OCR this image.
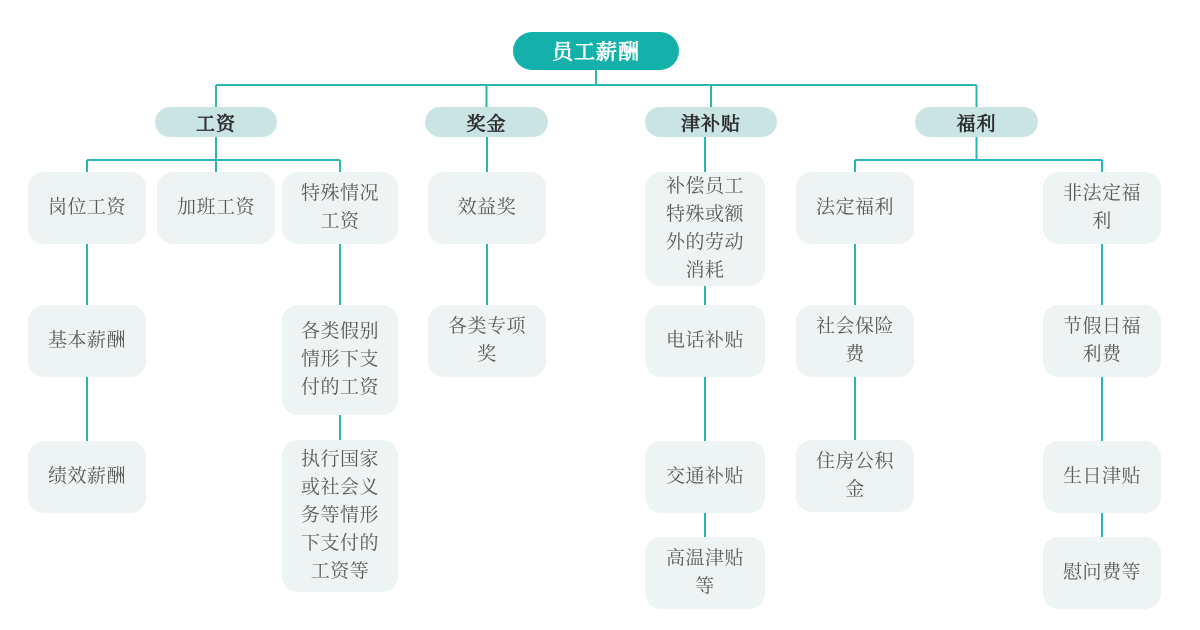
员工薪酬
工资	奖金	津补贴	福利
岗位工资	加班工资
特殊情况工资
基本薪酬
绩效薪酬
各类假别情形下支付的工资
执行国家或社会义务等情形下支付的工资等
效益奖
各类专项奖
补偿员工特殊或额外的劳动消耗
电话补贴
交通补贴
高温津贴等
法定福利
非法定福利
社会保险费
住房公积金
节假日福利费
生日津贴
慰问费等
